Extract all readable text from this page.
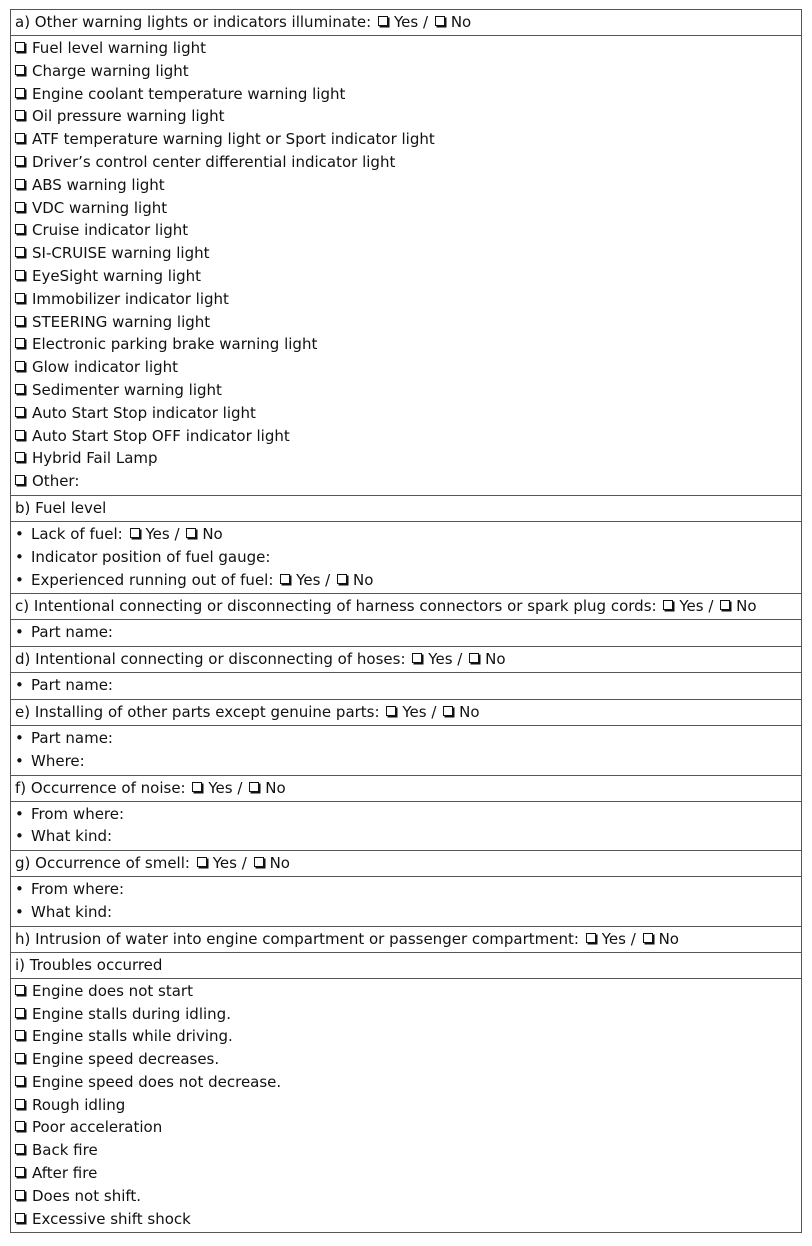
a) Other warning lights or indicators illuminate: Yes / No
Fuel level warning light
Charge warning light
Engine coolant temperature warning light
Oil pressure warning light
ATF temperature warning light or Sport indicator light
Driver’s control center differential indicator light
ABS warning light
VDC warning light
Cruise indicator light
SI-CRUISE warning light
EyeSight warning light
Immobilizer indicator light
STEERING warning light
Electronic parking brake warning light
Glow indicator light
Sedimenter warning light
Auto Start Stop indicator light
Auto Start Stop OFF indicator light
Hybrid Fail Lamp
Other:
b) Fuel level
• Lack of fuel: Yes / No
• Indicator position of fuel gauge:
• Experienced running out of fuel: Yes / No
c) Intentional connecting or disconnecting of harness connectors or spark plug cords: Yes / No
• Part name:
d) Intentional connecting or disconnecting of hoses: Yes / No
• Part name:
e) Installing of other parts except genuine parts: Yes / No
• Part name:
• Where:
f) Occurrence of noise: Yes / No
• From where:
• What kind:
g) Occurrence of smell: Yes / No
• From where:
• What kind:
h) Intrusion of water into engine compartment or passenger compartment: Yes / No
i) Troubles occurred
Engine does not start
Engine stalls during idling.
Engine stalls while driving.
Engine speed decreases.
Engine speed does not decrease.
Rough idling
Poor acceleration
Back fire
After fire
Does not shift.
Excessive shift shock
